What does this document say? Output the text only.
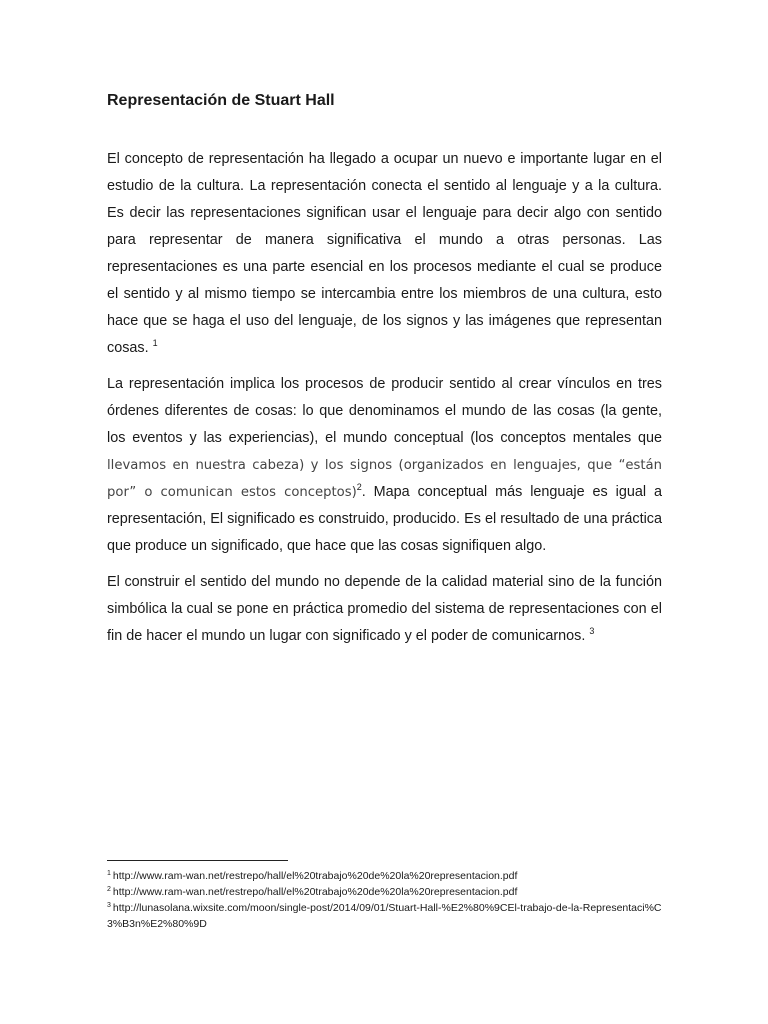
Representación de Stuart Hall

El concepto de representación ha llegado a ocupar un nuevo e importante lugar en el estudio de la cultura. La representación conecta el sentido al lenguaje y a la cultura. Es decir las representaciones significan usar el lenguaje para decir algo con sentido para representar de manera significativa el mundo a otras personas. Las representaciones es una parte esencial en los procesos mediante el cual se produce el sentido y al mismo tiempo se intercambia entre los miembros de una cultura, esto hace que se haga el uso del lenguaje, de los signos y las imágenes que representan cosas. $^1$

La representación implica los procesos de producir sentido al crear vínculos en tres órdenes diferentes de cosas: lo que denominamos el mundo de las cosas (la gente, los eventos y las experiencias), el mundo conceptual (los conceptos mentales que llevamos en nuestra cabeza) y los signos (organizados en lenguajes, que “están por” o comunican estos conceptos)$^2$. Mapa conceptual más lenguaje es igual a representación, El significado es construido, producido. Es el resultado de una práctica que produce un significado, que hace que las cosas signifiquen algo.

El construir el sentido del mundo no depende de la calidad material sino de la función simbólica la cual se pone en práctica promedio del sistema de representaciones con el fin de hacer el mundo un lugar con significado y el poder de comunicarnos. $^3$

$^1$ http://www.ram-wan.net/restrepo/hall/el%20trabajo%20de%20la%20representacion.pdf

$^2$ http://www.ram-wan.net/restrepo/hall/el%20trabajo%20de%20la%20representacion.pdf

$^3$ http://lunasolana.wixsite.com/moon/single-post/2014/09/01/Stuart-Hall-%E2%80%9CEl-trabajo-de-la-Representaci%C3%B3n%E2%80%9D
